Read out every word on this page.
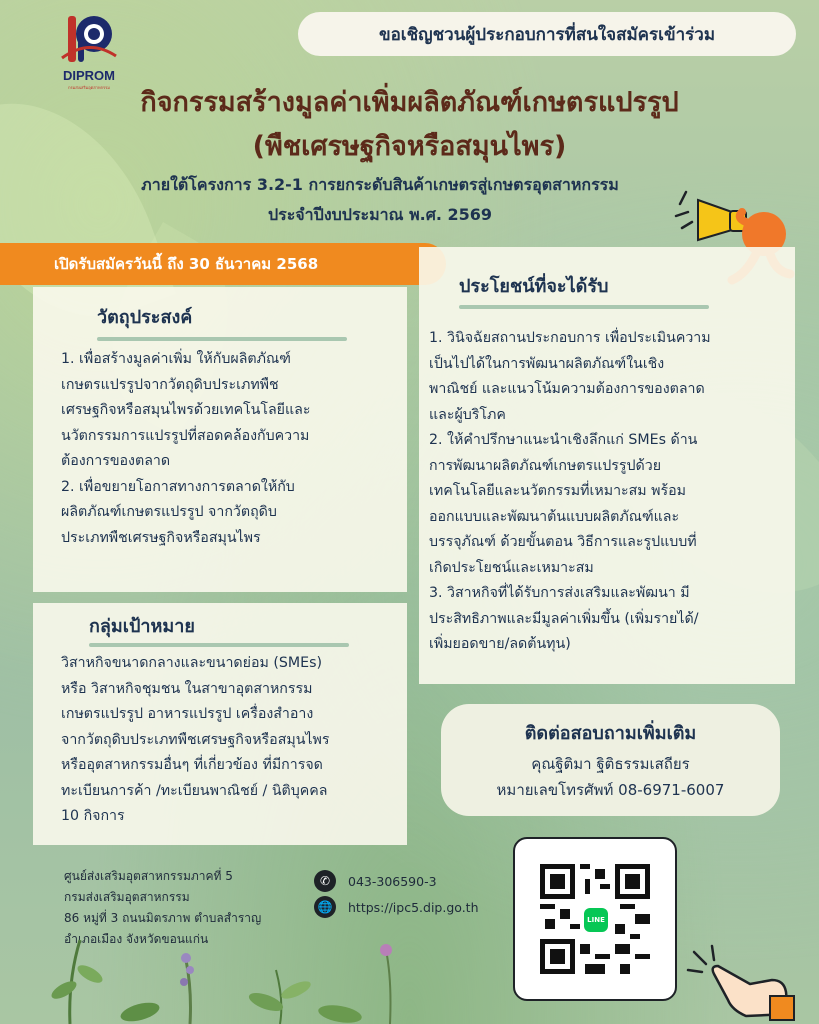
DIPROM
กรมส่งเสริมอุตสาหกรรม
ขอเชิญชวนผู้ประกอบการที่สนใจสมัครเข้าร่วม
กิจกรรมสร้างมูลค่าเพิ่มผลิตภัณฑ์เกษตรแปรรูป
(พืชเศรษฐกิจหรือสมุนไพร)
ภายใต้โครงการ 3.2-1 การยกระดับสินค้าเกษตรสู่เกษตรอุตสาหกรรม
ประจำปีงบประมาณ พ.ศ. 2569
เปิดรับสมัครวันนี้ ถึง 30 ธันวาคม 2568
วัตถุประสงค์
1. เพื่อสร้างมูลค่าเพิ่ม ให้กับผลิตภัณฑ์
เกษตรแปรรูปจากวัตถุดิบประเภทพืช
เศรษฐกิจหรือสมุนไพรด้วยเทคโนโลยีและ
นวัตกรรมการแปรรูปที่สอดคล้องกับความ
ต้องการของตลาด
2. เพื่อขยายโอกาสทางการตลาดให้กับ
ผลิตภัณฑ์เกษตรแปรรูป จากวัตถุดิบ
ประเภทพืชเศรษฐกิจหรือสมุนไพร
กลุ่มเป้าหมาย
วิสาหกิจขนาดกลางและขนาดย่อม (SMEs)
หรือ วิสาหกิจชุมชน ในสาขาอุตสาหกรรม
เกษตรแปรรูป อาหารแปรรูป เครื่องสำอาง
จากวัตถุดิบประเภทพืชเศรษฐกิจหรือสมุนไพร
หรืออุตสาหกรรมอื่นๆ ที่เกี่ยวข้อง ที่มีการจด
ทะเบียนการค้า /ทะเบียนพาณิชย์ / นิติบุคคล
10 กิจการ
ประโยชน์ที่จะได้รับ
1. วินิจฉัยสถานประกอบการ เพื่อประเมินความ
เป็นไปได้ในการพัฒนาผลิตภัณฑ์ในเชิง
พาณิชย์ และแนวโน้มความต้องการของตลาด
และผู้บริโภค
2. ให้คำปรึกษาแนะนำเชิงลึกแก่ SMEs ด้าน
การพัฒนาผลิตภัณฑ์เกษตรแปรรูปด้วย
เทคโนโลยีและนวัตกรรมที่เหมาะสม พร้อม
ออกแบบและพัฒนาต้นแบบผลิตภัณฑ์และ
บรรจุภัณฑ์ ด้วยขั้นตอน วิธีการและรูปแบบที่
เกิดประโยชน์และเหมาะสม
3. วิสาหกิจที่ได้รับการส่งเสริมและพัฒนา มี
ประสิทธิภาพและมีมูลค่าเพิ่มขึ้น (เพิ่มรายได้/
เพิ่มยอดขาย/ลดต้นทุน)
ติดต่อสอบถามเพิ่มเติม
คุณฐิติมา ฐิติธรรมเสถียร
หมายเลขโทรศัพท์ 08-6971-6007
ศูนย์ส่งเสริมอุตสาหกรรมภาคที่ 5
กรมส่งเสริมอุตสาหกรรม
86 หมู่ที่ 3 ถนนมิตรภาพ ตำบลสำราญ
อำเภอเมือง จังหวัดขอนแก่น
✆	043-306590-3
🌐 https://ipc5.dip.go.th
LINE
